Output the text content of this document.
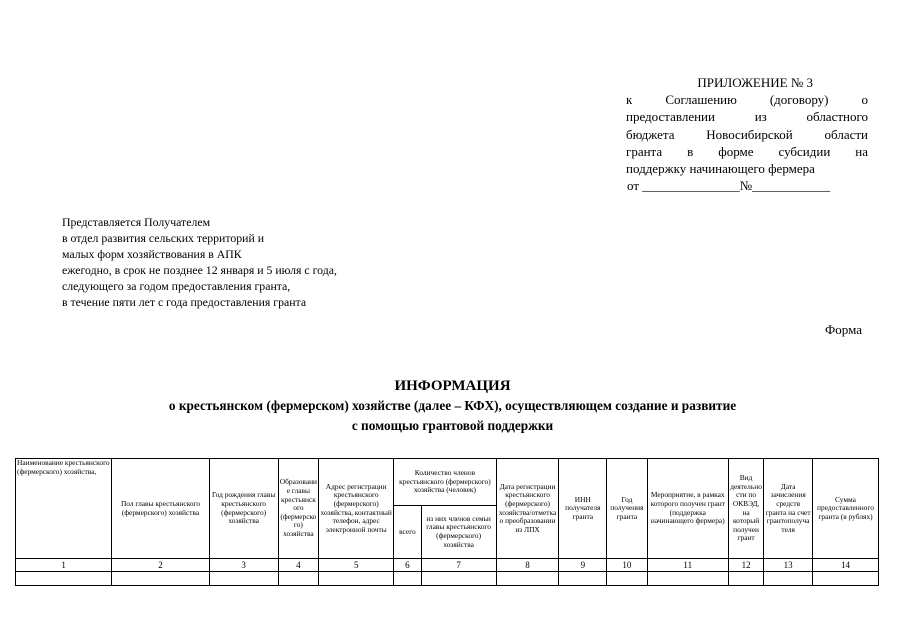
ПРИЛОЖЕНИЕ № 3
к Соглашению (договору) о
предоставлении из областного
бюджета Новосибирской области
гранта в форме субсидии на
поддержку начинающего фермера
от _______________№____________
Представляется Получателем
в отдел развития сельских территорий и
малых форм хозяйствования в АПК
ежегодно, в срок не позднее 12 января и 5 июля с года,
следующего за годом предоставления гранта,
в течение пяти лет с года предоставления гранта
Форма
ИНФОРМАЦИЯ
о крестьянском (фермерском) хозяйстве (далее – КФХ), осуществляющем создание и развитие
с помощью грантовой поддержки
Наименование крестьянского (фермерского) хозяйства,	Пол главы крестьянского (фермерского) хозяйства	Год рождения главы крестьянского (фермерского) хозяйства	Образование главы крестьянского (фермерского) хозяйства	Адрес регистрации крестьянского (фермерского) хозяйства, контактный телефон, адрес электронной почты	Количество членов крестьянского (фермерского) хозяйства (человек)		Дата регистрации крестьянского (фермерского) хозяйства/отметка о преобразовании из ЛПХ	ИНН получателя гранта	Год получения гранта	Мероприятие, в рамках которого получен грант (поддержка начинающего фермера)	Вид деятельности по ОКВЭД, на который получен грант	Дата зачисления средств гранта на счет грантополучателя	Сумма предоставленного гранта (в рублях)
					всего	из них членов семьи главы крестьянского (фермерского) хозяйства							
1	2	3	4	5	6	7	8	9	10	11	12	13	14
